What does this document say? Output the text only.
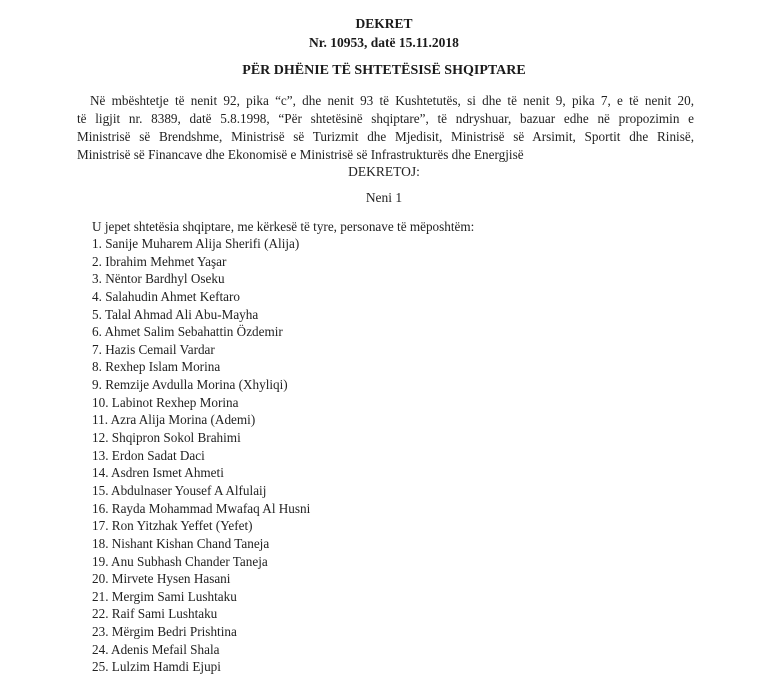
DEKRET
Nr. 10953, datë 15.11.2018
PËR DHËNIE TË SHTETËSISË SHQIPTARE
Në mbështetje të nenit 92, pika “c”, dhe nenit 93 të Kushtetutës, si dhe të nenit 9, pika 7, e të nenit 20,
të ligjit nr. 8389, datë 5.8.1998, “Për shtetësinë shqiptare”, të ndryshuar, bazuar edhe në propozimin e
Ministrisë së Brendshme, Ministrisë së Turizmit dhe Mjedisit, Ministrisë së Arsimit, Sportit dhe Rinisë,
Ministrisë së Financave dhe Ekonomisë e Ministrisë së Infrastrukturës dhe Energjisë
DEKRETOJ:
Neni 1
U jepet shtetësia shqiptare, me kërkesë të tyre, personave të mëposhtëm:
1. Sanije Muharem Alija Sherifi (Alija)
2. Ibrahim Mehmet Yaşar
3. Nëntor Bardhyl Oseku
4. Salahudin Ahmet Keftaro
5. Talal Ahmad Ali Abu-Mayha
6. Ahmet Salim Sebahattin Özdemir
7. Hazis Cemail Vardar
8. Rexhep Islam Morina
9. Remzije Avdulla Morina (Xhyliqi)
10. Labinot Rexhep Morina
11. Azra Alija Morina (Ademi)
12. Shqipron Sokol Brahimi
13. Erdon Sadat Daci
14. Asdren Ismet Ahmeti
15. Abdulnaser Yousef A Alfulaij
16. Rayda Mohammad Mwafaq Al Husni
17. Ron Yitzhak Yeffet (Yefet)
18. Nishant Kishan Chand Taneja
19. Anu Subhash Chander Taneja
20. Mirvete Hysen Hasani
21. Mergim Sami Lushtaku
22. Raif Sami Lushtaku
23. Mërgim Bedri Prishtina
24. Adenis Mefail Shala
25. Lulzim Hamdi Ejupi
